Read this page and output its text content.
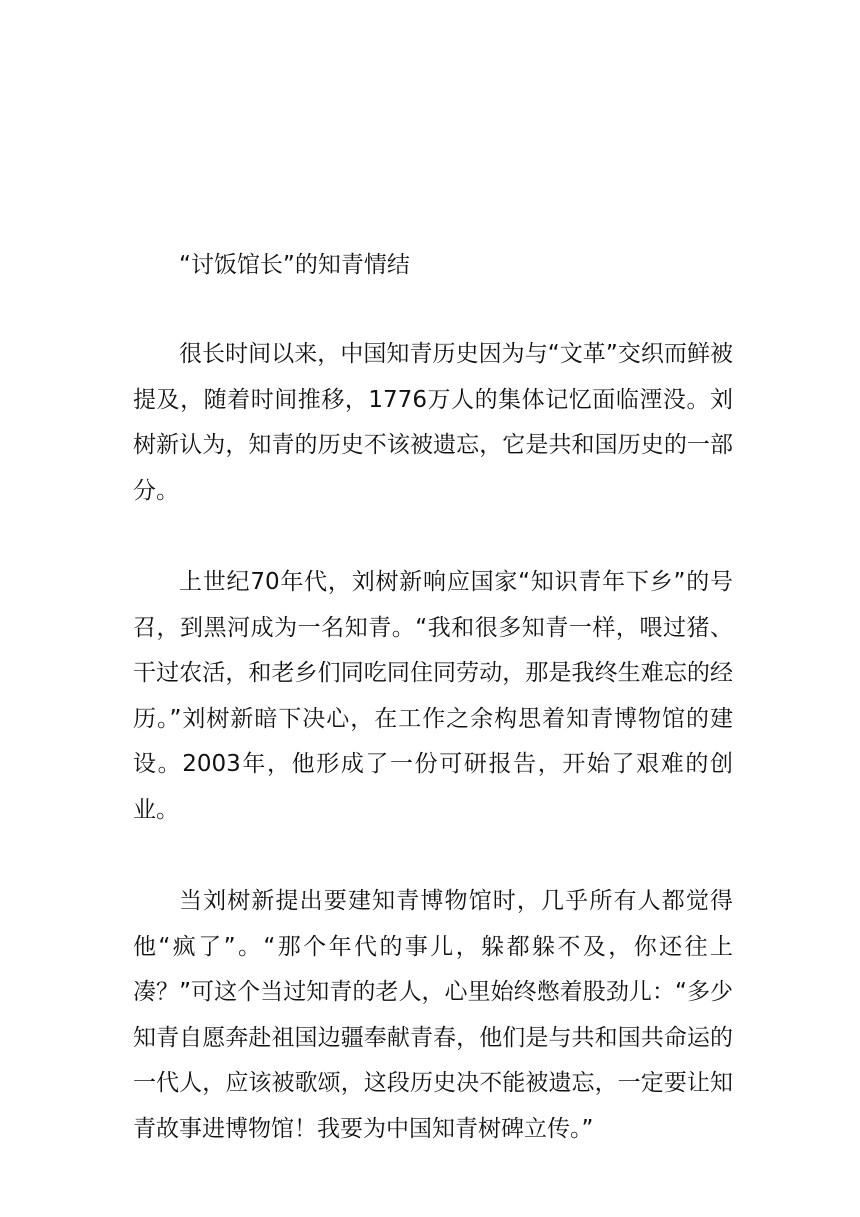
“讨饭馆长”的知青情结

很长时间以来，中国知青历史因为与“文革”交织而鲜被提及，随着时间推移，1776万人的集体记忆面临湮没。刘树新认为，知青的历史不该被遗忘，它是共和国历史的一部分。

上世纪70年代，刘树新响应国家“知识青年下乡”的号召，到黑河成为一名知青。“我和很多知青一样，喂过猪、干过农活，和老乡们同吃同住同劳动，那是我终生难忘的经历。”刘树新暗下决心，在工作之余构思着知青博物馆的建设。2003年，他形成了一份可研报告，开始了艰难的创业。

当刘树新提出要建知青博物馆时，几乎所有人都觉得他“疯了”。“那个年代的事儿，躲都躲不及，你还往上凑？”可这个当过知青的老人，心里始终憋着股劲儿：“多少知青自愿奔赴祖国边疆奉献青春，他们是与共和国共命运的一代人，应该被歌颂，这段历史决不能被遗忘，一定要让知青故事进博物馆！我要为中国知青树碑立传。”
